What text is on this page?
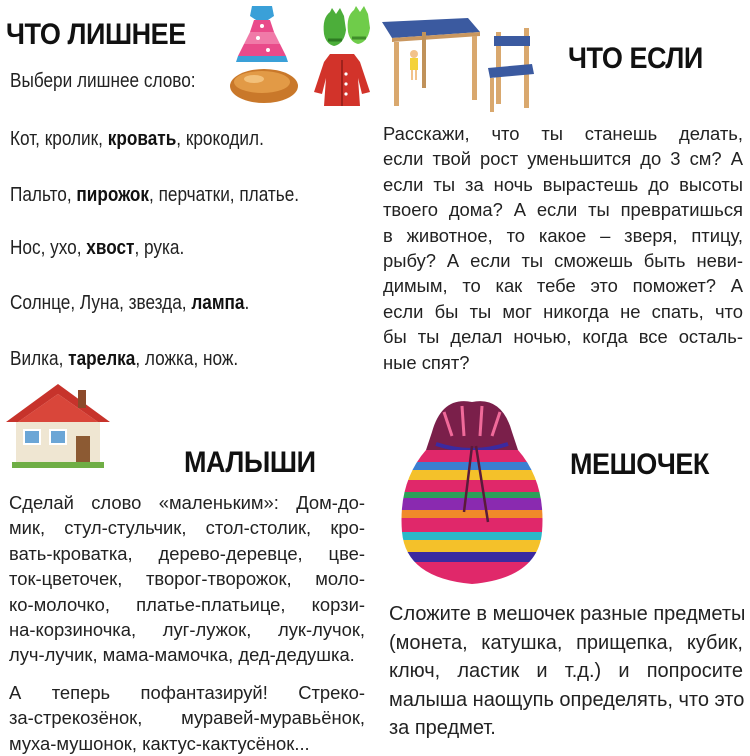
ЧТО ЛИШНЕЕ
Выбери лишнее слово:
Кот, кролик, кровать, крокодил.
Пальто, пирожок, перчатки, платье.
Нос, ухо, хвост, рука.
Солнце, Луна, звезда, лампа.
Вилка, тарелка, ложка, нож.
ЧТО ЕСЛИ
Расскажи, что ты станешь делать,
если твой рост уменьшится до 3 см? А
если ты за ночь вырастешь до высоты
твоего дома? А если ты превратишься
в животное, то какое – зверя, птицу,
рыбу? А если ты сможешь быть неви-
димым, то как тебе это поможет? А
если бы ты мог никогда не спать, что
бы ты делал ночью, когда все осталь-
ные спят?
МАЛЫШИ
Сделай слово «маленьким»: Дом-до-
мик, стул-стульчик, стол-столик, кро-
вать-кроватка, дерево-деревце, цве-
ток-цветочек, творог-творожок, моло-
ко-молочко, платье-платьице, корзи-
на-корзиночка, луг-лужок, лук-лучок,
луч-лучик, мама-мамочка, дед-дедушка.
А теперь пофантазируй! Стреко-
за-стрекозёнок, муравей-муравьёнок,
муха-мушонок, кактус-кактусёнок...
МЕШОЧЕК
Сложите в мешочек разные предметы
(монета, катушка, прищепка, кубик,
ключ, ластик и т.д.) и попросите
малыша наощупь определять, что это
за предмет.
